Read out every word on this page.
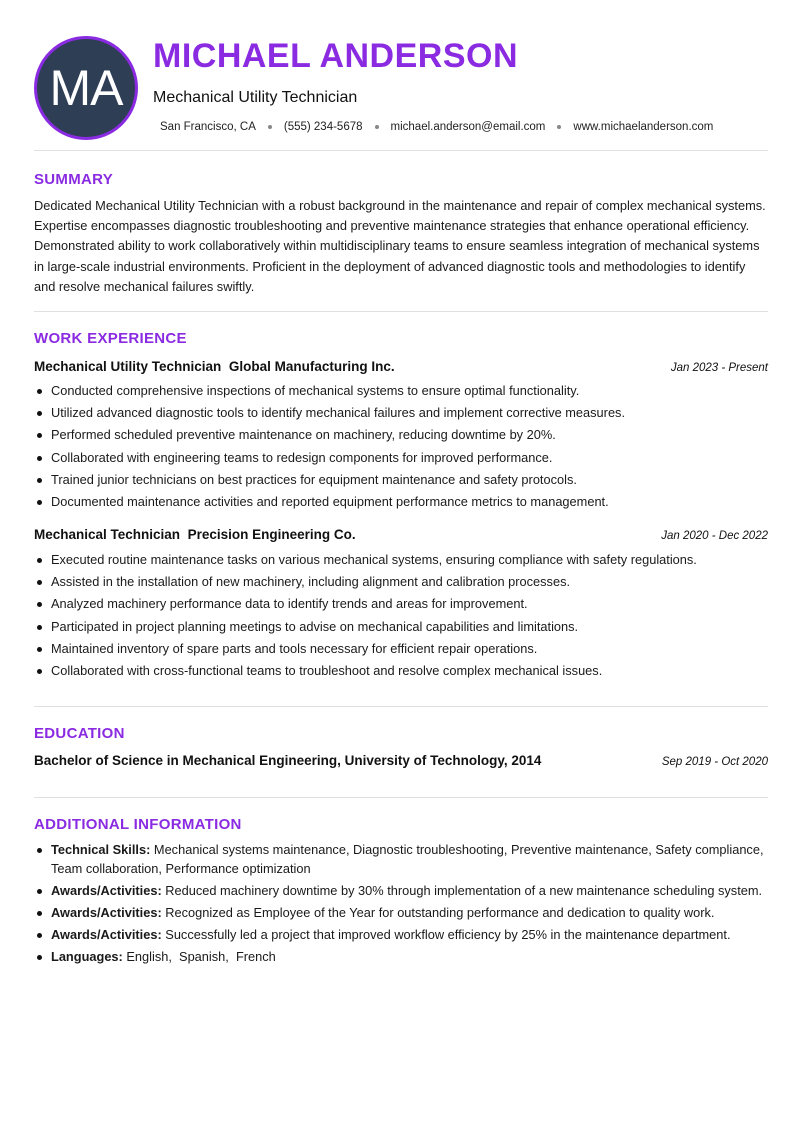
MA
MICHAEL ANDERSON
Mechanical Utility Technician
San Francisco, CA (555) 234-5678 michael.anderson@email.com www.michaelanderson.com
SUMMARY
Dedicated Mechanical Utility Technician with a robust background in the maintenance and repair of complex mechanical systems. Expertise encompasses diagnostic troubleshooting and preventive maintenance strategies that enhance operational efficiency. Demonstrated ability to work collaboratively within multidisciplinary teams to ensure seamless integration of mechanical systems in large-scale industrial environments. Proficient in the deployment of advanced diagnostic tools and methodologies to identify and resolve mechanical failures swiftly.
WORK EXPERIENCE
Mechanical Utility Technician Global Manufacturing Inc.	Jan 2023 - Present
Conducted comprehensive inspections of mechanical systems to ensure optimal functionality.
Utilized advanced diagnostic tools to identify mechanical failures and implement corrective measures.
Performed scheduled preventive maintenance on machinery, reducing downtime by 20%.
Collaborated with engineering teams to redesign components for improved performance.
Trained junior technicians on best practices for equipment maintenance and safety protocols.
Documented maintenance activities and reported equipment performance metrics to management.
Mechanical Technician Precision Engineering Co.	Jan 2020 - Dec 2022
Executed routine maintenance tasks on various mechanical systems, ensuring compliance with safety regulations.
Assisted in the installation of new machinery, including alignment and calibration processes.
Analyzed machinery performance data to identify trends and areas for improvement.
Participated in project planning meetings to advise on mechanical capabilities and limitations.
Maintained inventory of spare parts and tools necessary for efficient repair operations.
Collaborated with cross-functional teams to troubleshoot and resolve complex mechanical issues.
EDUCATION
Bachelor of Science in Mechanical Engineering, University of Technology, 2014	Sep 2019 - Oct 2020
ADDITIONAL INFORMATION
Technical Skills: Mechanical systems maintenance, Diagnostic troubleshooting, Preventive maintenance, Safety compliance, Team collaboration, Performance optimization
Awards/Activities: Reduced machinery downtime by 30% through implementation of a new maintenance scheduling system.
Awards/Activities: Recognized as Employee of the Year for outstanding performance and dedication to quality work.
Awards/Activities: Successfully led a project that improved workflow efficiency by 25% in the maintenance department.
Languages: English,  Spanish,  French
